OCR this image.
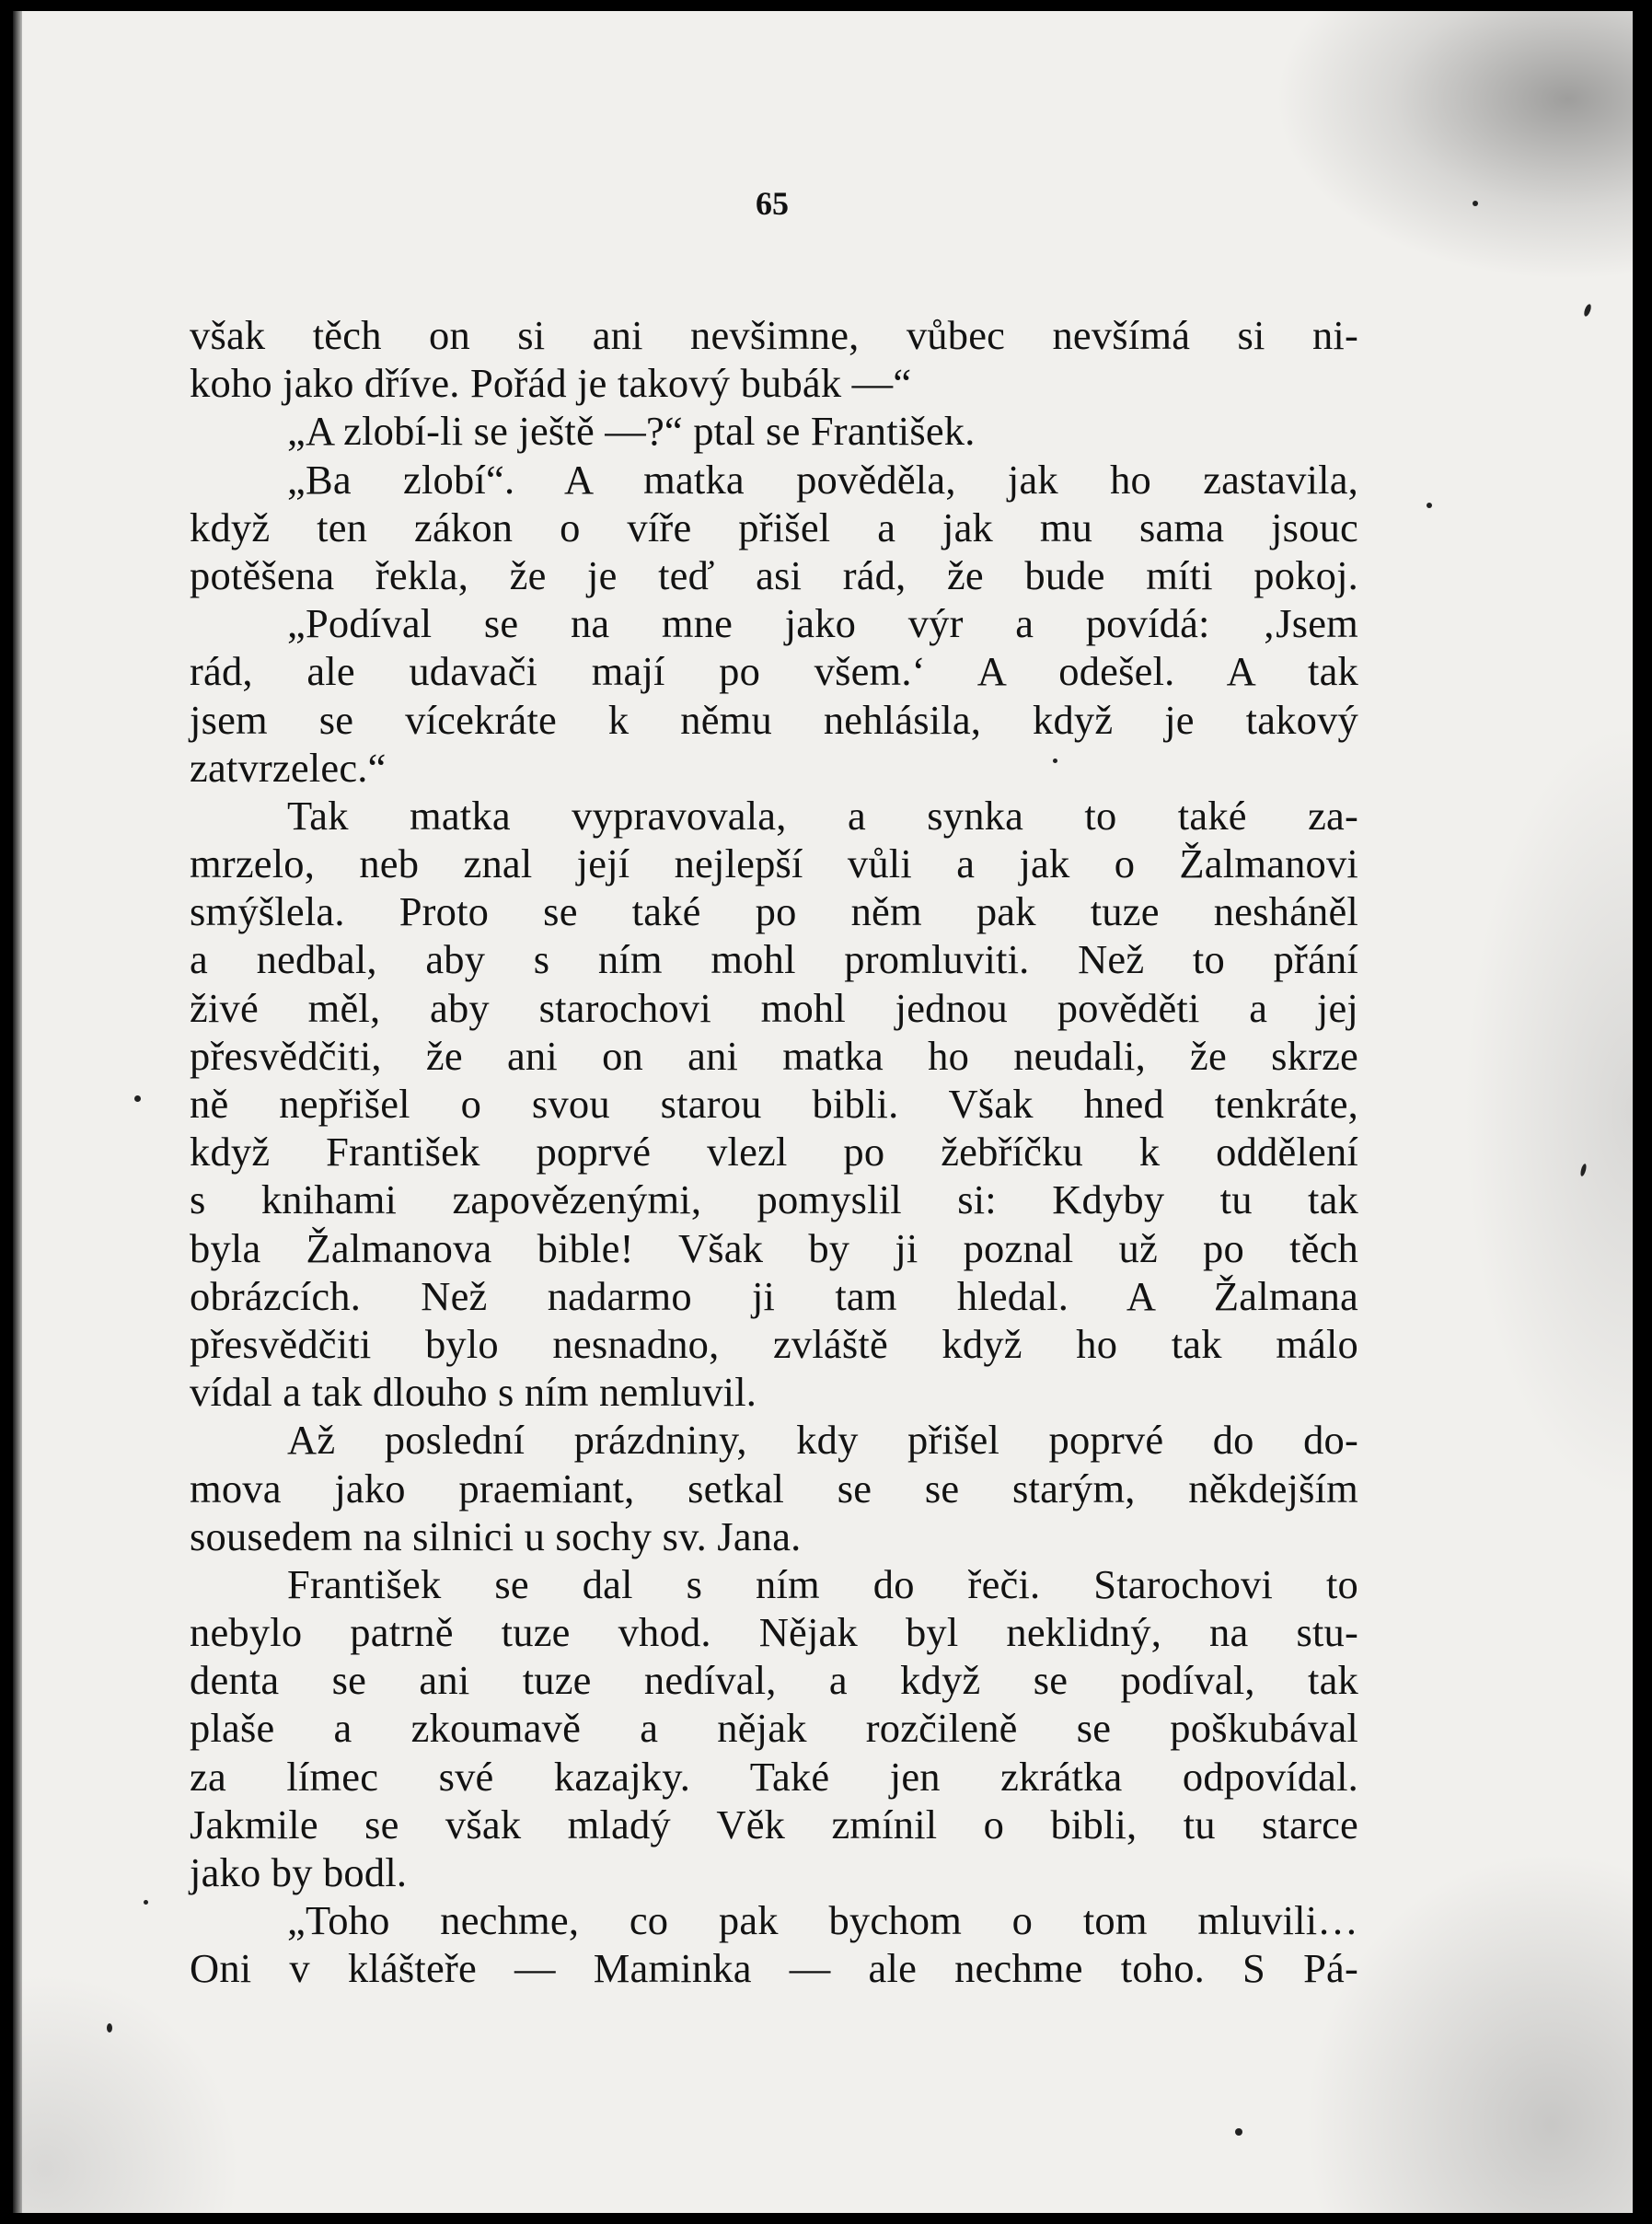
65
však těch on si ani nevšimne, vůbec nevšímá si ni-
koho jako dříve. Pořád je takový bubák —“
„A zlobí-li se ještě —?“ ptal se František.
„Ba zlobí“. A matka pověděla, jak ho zastavila,
když ten zákon o víře přišel a jak mu sama jsouc
potěšena řekla, že je teď asi rád, že bude míti pokoj.
„Podíval se na mne jako výr a povídá: ‚Jsem
rád, ale udavači mají po všem.‘ A odešel. A tak
jsem se vícekráte k němu nehlásila, když je takový
zatvrzelec.“
Tak matka vypravovala, a synka to také za-
mrzelo, neb znal její nejlepší vůli a jak o Žalmanovi
smýšlela. Proto se také po něm pak tuze nesháněl
a nedbal, aby s ním mohl promluviti. Než to přání
živé měl, aby starochovi mohl jednou pověděti a jej
přesvědčiti, že ani on ani matka ho neudali, že skrze
ně nepřišel o svou starou bibli. Však hned tenkráte,
když František poprvé vlezl po žebříčku k oddělení
s knihami zapovězenými, pomyslil si: Kdyby tu tak
byla Žalmanova bible! Však by ji poznal už po těch
obrázcích. Než nadarmo ji tam hledal. A Žalmana
přesvědčiti bylo nesnadno, zvláště když ho tak málo
vídal a tak dlouho s ním nemluvil.
Až poslední prázdniny, kdy přišel poprvé do do-
mova jako praemiant, setkal se se starým, někdejším
sousedem na silnici u sochy sv. Jana.
František se dal s ním do řeči. Starochovi to
nebylo patrně tuze vhod. Nějak byl neklidný, na stu-
denta se ani tuze nedíval, a když se podíval, tak
plaše a zkoumavě a nějak rozčileně se poškubával
za límec své kazajky. Také jen zkrátka odpovídal.
Jakmile se však mladý Věk zmínil o bibli, tu starce
jako by bodl.
„Toho nechme, co pak bychom o tom mluvili…
Oni v klášteře — Maminka — ale nechme toho. S Pá-
